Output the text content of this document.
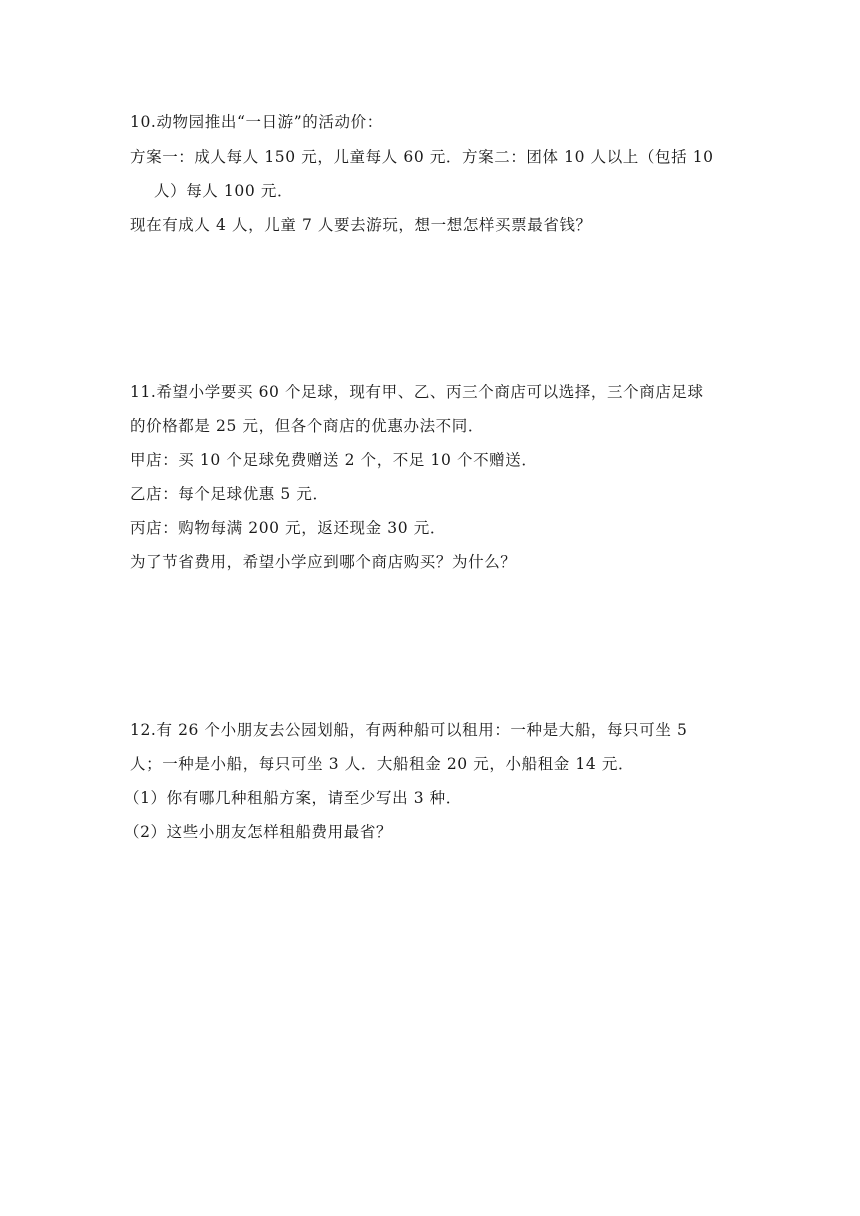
10.动物园推出“一日游”的活动价：
方案一：成人每人 150 元，儿童每人 60 元．方案二：团体 10 人以上（包括 10
人）每人 100 元．
现在有成人 4 人，儿童 7 人要去游玩，想一想怎样买票最省钱？
11.希望小学要买 60 个足球，现有甲、乙、丙三个商店可以选择，三个商店足球
的价格都是 25 元，但各个商店的优惠办法不同．
甲店：买 10 个足球免费赠送 2 个，不足 10 个不赠送．
乙店：每个足球优惠 5 元．
丙店：购物每满 200 元，返还现金 30 元．
为了节省费用，希望小学应到哪个商店购买？为什么？
12.有 26 个小朋友去公园划船，有两种船可以租用：一种是大船，每只可坐 5
人；一种是小船，每只可坐 3 人．大船租金 20 元，小船租金 14 元．
（1）你有哪几种租船方案，请至少写出 3 种．
（2）这些小朋友怎样租船费用最省？
